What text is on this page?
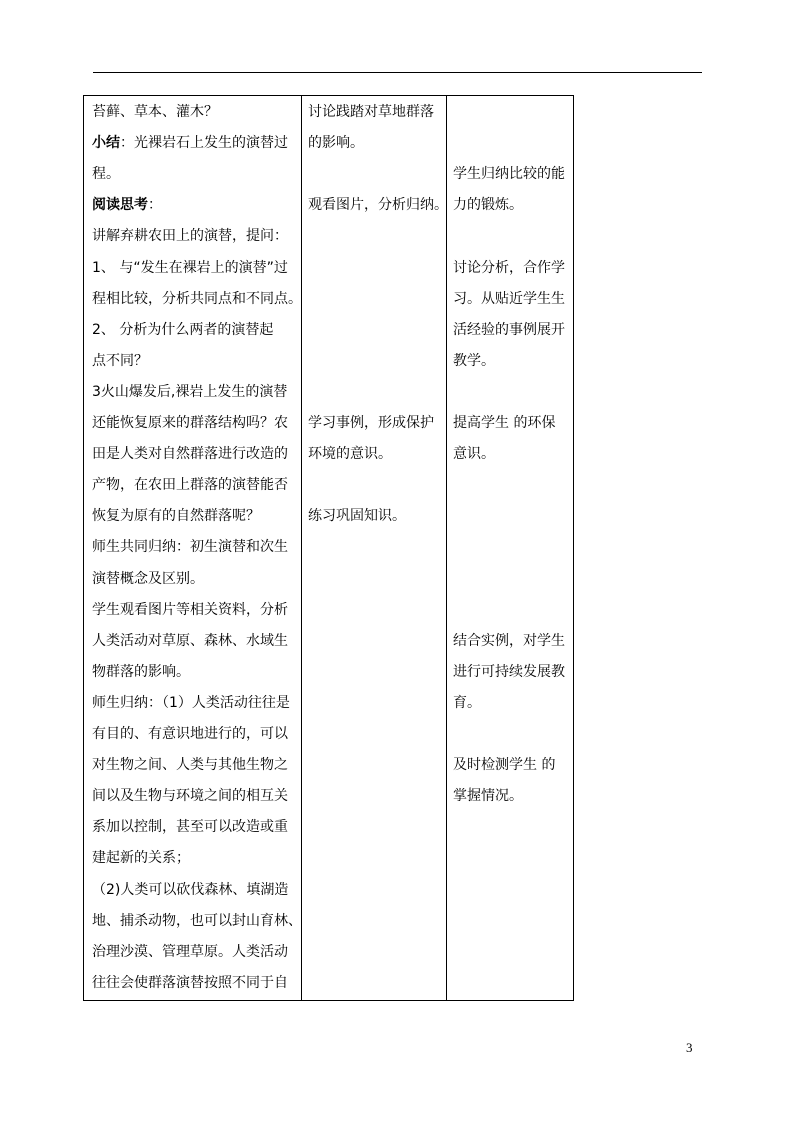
苔藓、草本、灌木？
小结：光裸岩石上发生的演替过
程。
阅读思考：
讲解弃耕农田上的演替，提问：
1、 与“发生在裸岩上的演替”过
程相比较，分析共同点和不同点。
2、 分析为什么两者的演替起
点不同？
3火山爆发后,裸岩上发生的演替
还能恢复原来的群落结构吗？农
田是人类对自然群落进行改造的
产物，在农田上群落的演替能否
恢复为原有的自然群落呢？
师生共同归纳：初生演替和次生
演替概念及区别。
学生观看图片等相关资料，分析
人类活动对草原、森林、水域生
物群落的影响。
师生归纳：（1）人类活动往往是
有目的、有意识地进行的，可以
对生物之间、人类与其他生物之
间以及生物与环境之间的相互关
系加以控制，甚至可以改造或重
建起新的关系；
（2)人类可以砍伐森林、填湖造
地、捕杀动物，也可以封山育林、
治理沙漠、管理草原。人类活动
往往会使群落演替按照不同于自
讨论践踏对草地群落
的影响。
观看图片，分析归纳。
学习事例，形成保护
环境的意识。
练习巩固知识。
学生归纳比较的能
力的锻炼。
讨论分析，合作学
习。从贴近学生生
活经验的事例展开
教学。
提高学生 的环保
意识。
结合实例，对学生
进行可持续发展教
育。
及时检测学生 的
掌握情况。
3
